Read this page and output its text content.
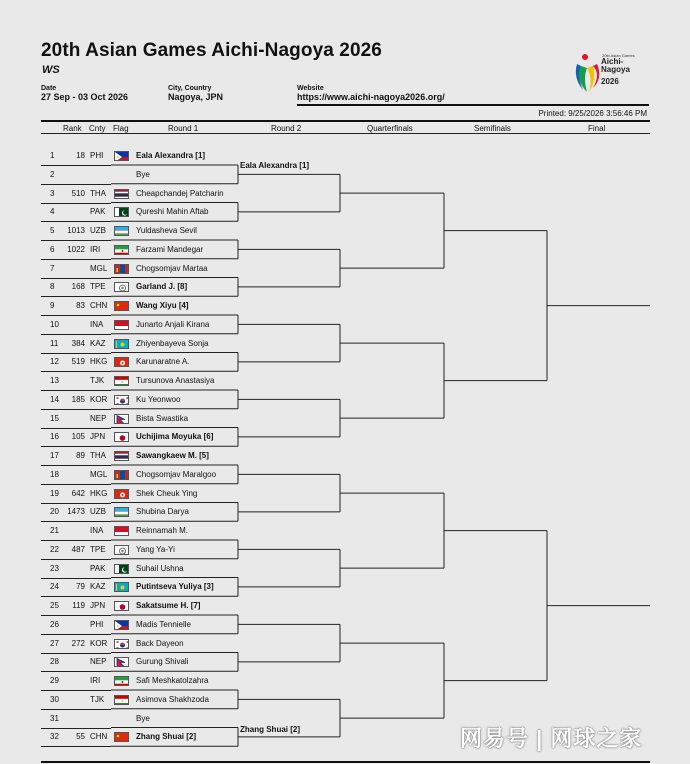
20th Asian Games Aichi-Nagoya 2026
WS
Date
27 Sep - 03 Oct 2026
City, Country
Nagoya, JPN
Website
https://www.aichi-nagoya2026.org/
20th Asian Games
Aichi-
Nagoya
2026
Printed: 9/25/2026 3:56:46 PM
Rank Cnty Flag	Round 1	Round 2	Quarterfinals	Semifinals	Final
1	18 PHI	Eala Alexandra [1]
2	Bye
3	510 THA	Cheapchandej Patcharin
4	PAK	Qureshi Mahin Aftab
5	1013 UZB	Yuldasheva Sevil
6	1022 IRI	Farzami Mandegar
7	MGL	Chogsomjav Martaa
8	168 TPE	Garland J. [8]
9	83 CHN	Wang Xiyu [4]
10	INA	Junarto Anjali Kirana
11	384 KAZ	Zhiyenbayeva Sonja
12	519 HKG	Karunaratne A.
13	TJK	Tursunova Anastasiya
14	185 KOR	Ku Yeonwoo
15	NEP	Bista Swastika
16	105 JPN	Uchijima Moyuka [6]
17	89 THA	Sawangkaew M. [5]
18	MGL	Chogsomjav Maralgoo
19	642 HKG	Shek Cheuk Ying
20	1473 UZB	Shubina Darya
21	INA	Reinnamah M.
22	487 TPE	Yang Ya-Yi
23	PAK	Suhail Ushna
24	79 KAZ	Putintseva Yuliya [3]
25	119 JPN	Sakatsume H. [7]
26	PHI	Madis Tennielle
27	272 KOR	Back Dayeon
28	NEP	Gurung Shivali
29	IRI	Safi Meshkatolzahra
30	TJK	Asimova Shakhzoda
31	Bye
32	55 CHN	Zhang Shuai [2]
Eala Alexandra [1]
Zhang Shuai [2]	网易号 | 网球之家
